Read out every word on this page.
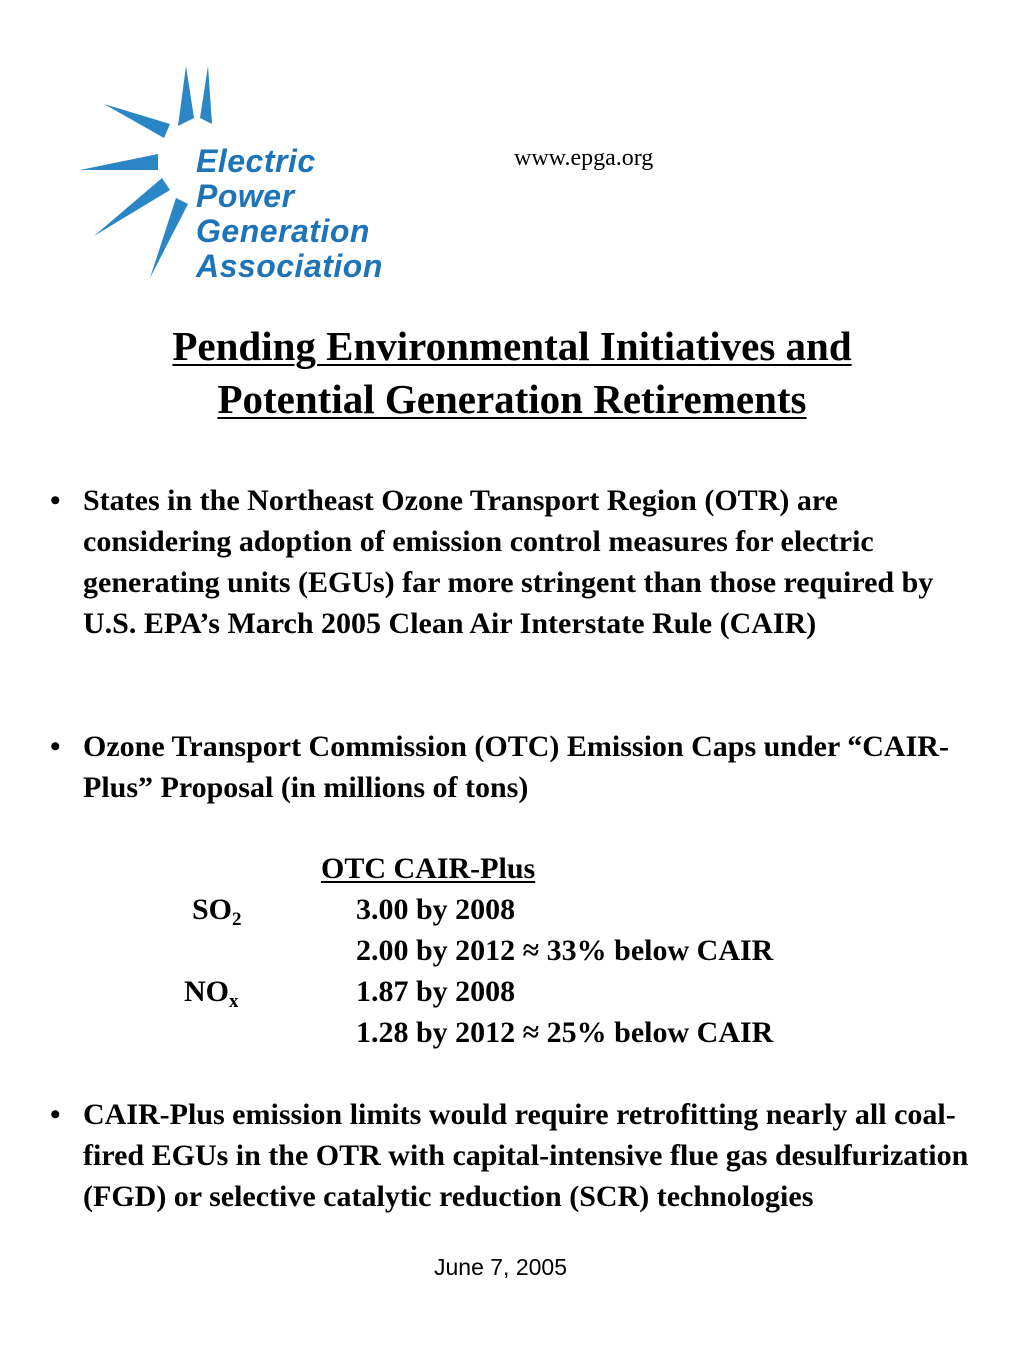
Electric
Power
Generation
Association
www.epga.org
Pending Environmental Initiatives and
Potential Generation Retirements
• States in the Northeast Ozone Transport Region (OTR) are considering adoption of emission control measures for electric generating units (EGUs) far more stringent than those required by U.S. EPA’s March 2005 Clean Air Interstate Rule (CAIR)
• Ozone Transport Commission (OTC) Emission Caps under “CAIR-Plus” Proposal (in millions of tons)
OTC CAIR-Plus
$SO_2$	3.00 by 2008
2.00 by 2012 ≈ 33% below CAIR
$NO_x$	1.87 by 2008
1.28 by 2012 ≈ 25% below CAIR
• CAIR-Plus emission limits would require retrofitting nearly all coal-fired EGUs in the OTR with capital-intensive flue gas desulfurization (FGD) or selective catalytic reduction (SCR) technologies
June 7, 2005
